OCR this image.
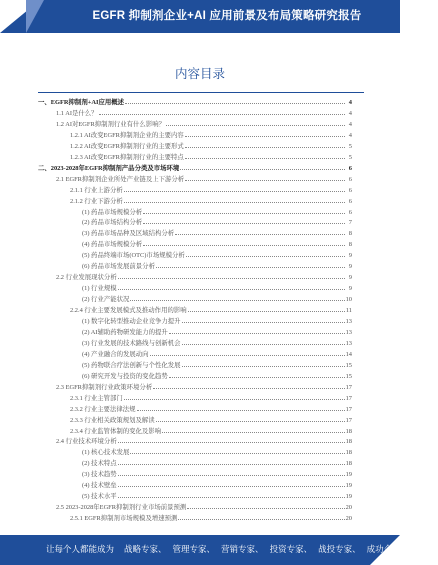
EGFR 抑制剂企业+AI 应用前景及布局策略研究报告
内容目录
一、EGFR抑制剂+AI应用概述	4
1.1 AI是什么？	4
1.2 AI对EGFR抑制剂行业有什么影响？	4
1.2.1 AI改变EGFR抑制剂企业的主要内容	4
1.2.2 AI改变EGFR抑制剂行业的主要形式	5
1.2.3 AI改变EGFR抑制剂行业的主要特点	5
二、2023-2028年EGFR抑制剂产品分类及市场环境	6
2.1 EGFR抑制剂企业所处产业链及上下游分析	6
2.1.1 行业上游分析	6
2.1.2 行业下游分析	6
(1) 药品市场规模分析	6
(2) 药品市场结构分析	7
(3) 药品市场品种及区域结构分析	8
(4) 药品市场规模分析	8
(5) 药品终端市场(OTC)市场规模分析	9
(6) 药品市场发展前景分析	9
2.2 行业发展现状分析	9
(1) 行业规模	9
(2) 行业产能状况	10
2.2.4 行业主要发展模式及推动作用的影响	11
(1) 数字化转型推动企业竞争力提升	13
(2) AI辅助药物研发能力的提升	13
(3) 行业发展的技术路线与创新机会	13
(4) 产业融合的发展动向	14
(5) 药物联合疗法创新与个性化发展	15
(6) 研究开发与投资的变化趋势	15
2.3 EGFR抑制剂行业政策环境分析	17
2.3.1 行业主管部门	17
2.3.2 行业主要法律法规	17
2.3.3 行业相关政策规划及解读	17
2.3.4 行业监管体制的变化及影响	18
2.4 行业技术环境分析	18
(1) 核心技术发展	18
(2) 技术特点	18
(3) 技术趋势	19
(4) 技术壁垒	19
(5) 技术水平	19
2.5 2023-2028年EGFR抑制剂行业市场前景预测	20
2.5.1 EGFR抑制剂市场规模及增速预测	20
让每个人都能成为 战略专家、 管理专家、 营销专家、 投资专家、 战投专家、 成功企业家 ……
